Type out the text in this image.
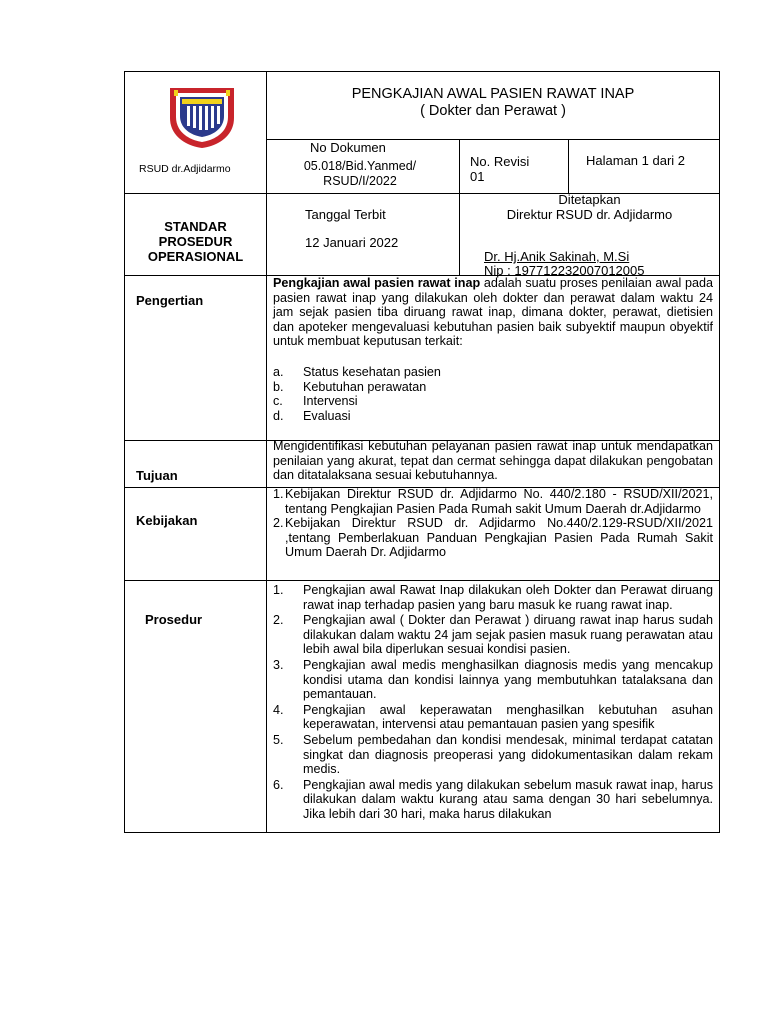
RSUD dr.Adjidarmo
PENGKAJIAN AWAL PASIEN RAWAT INAP
( Dokter dan Perawat )
No Dokumen
05.018/Bid.Yanmed/ RSUD/I/2022
No. Revisi
01
Halaman 1 dari 2
STANDAR
PROSEDUR
OPERASIONAL
Tanggal Terbit
12 Januari 2022
Ditetapkan
Direktur RSUD dr. Adjidarmo
Dr. Hj.Anik Sakinah, M.Si
Nip : 197712232007012005
Pengertian
Pengkajian awal pasien rawat inap adalah suatu proses penilaian awal pada pasien rawat inap yang dilakukan oleh dokter dan perawat dalam waktu 24 jam sejak pasien tiba diruang rawat inap, dimana dokter, perawat, dietisien dan apoteker mengevaluasi kebutuhan pasien baik subyektif maupun obyektif untuk membuat keputusan terkait:
a. Status kesehatan pasien
b. Kebutuhan perawatan
c. Intervensi
d. Evaluasi
Tujuan
Mengidentifikasi kebutuhan pelayanan pasien rawat inap untuk mendapatkan penilaian yang akurat, tepat dan cermat sehingga dapat dilakukan pengobatan dan ditatalaksana sesuai kebutuhannya.
Kebijakan
1. Kebijakan Direktur RSUD dr. Adjidarmo No. 440/2.180 - RSUD/XII/2021, tentang Pengkajian Pasien Pada Rumah sakit Umum Daerah dr.Adjidarmo
2. Kebijakan Direktur RSUD dr. Adjidarmo No.440/2.129-RSUD/XII/2021 ,tentang Pemberlakuan Panduan Pengkajian Pasien Pada Rumah Sakit Umum Daerah Dr. Adjidarmo
Prosedur
1. Pengkajian awal Rawat Inap dilakukan oleh Dokter dan Perawat diruang rawat inap terhadap pasien yang baru masuk ke ruang rawat inap.
2. Pengkajian awal ( Dokter dan Perawat ) diruang rawat inap harus sudah dilakukan dalam waktu 24 jam sejak pasien masuk ruang perawatan atau lebih awal bila diperlukan sesuai kondisi pasien.
3. Pengkajian awal medis menghasilkan diagnosis medis yang mencakup kondisi utama dan kondisi lainnya yang membutuhkan tatalaksana dan pemantauan.
4. Pengkajian awal keperawatan menghasilkan kebutuhan asuhan keperawatan, intervensi atau pemantauan pasien yang spesifik
5. Sebelum pembedahan dan kondisi mendesak, minimal terdapat catatan singkat dan diagnosis preoperasi yang didokumentasikan dalam rekam medis.
6. Pengkajian awal medis yang dilakukan sebelum masuk rawat inap, harus dilakukan dalam waktu kurang atau sama dengan 30 hari sebelumnya. Jika lebih dari 30 hari, maka harus dilakukan
